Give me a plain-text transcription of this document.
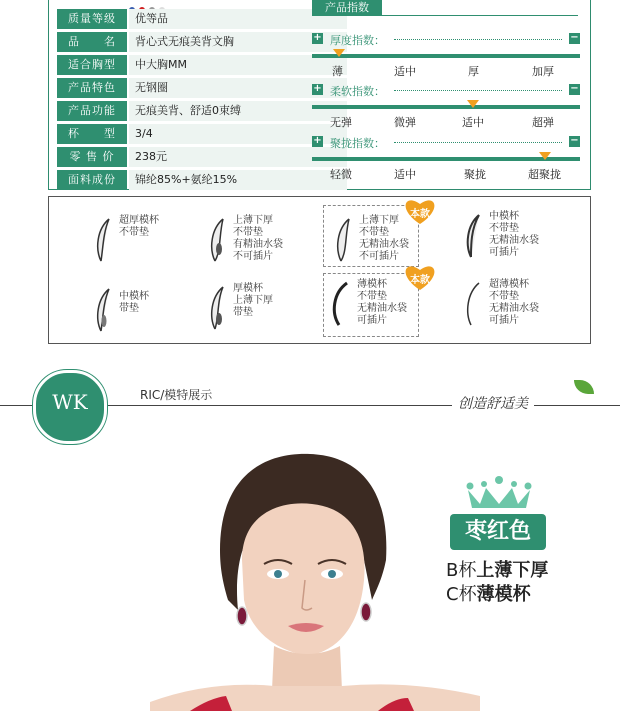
质量等级	优等品
品　　名	背心式无痕美背文胸
适合胸型	中大胸MM
产品特色	无钢圈
产品功能	无痕美背、舒适0束缚
杯　　型	3/4
零 售 价	238元
面料成份	锦纶85%+氨纶15%
产品指数
+ 厚度指数：	−
薄	适中	厚	加厚
+ 柔软指数：	−
无弹	微弹	适中	超弹
+ 聚拢指数：	−
轻微	适中	聚拢	超聚拢
超厚模杯
不带垫
上薄下厚
不带垫
有精油水袋
不可插片
上薄下厚
不带垫
无精油水袋
不可插片
本款	中模杯
不带垫
无精油水袋
可插片
中模杯
带垫
厚模杯
上薄下厚
带垫
薄模杯
不带垫
无精油水袋
可插片
本款	超薄模杯
不带垫
无精油水袋
可插片
WK	RIC/模特展示
创造舒适美
枣红色
B杯上薄下厚
C杯薄模杯
